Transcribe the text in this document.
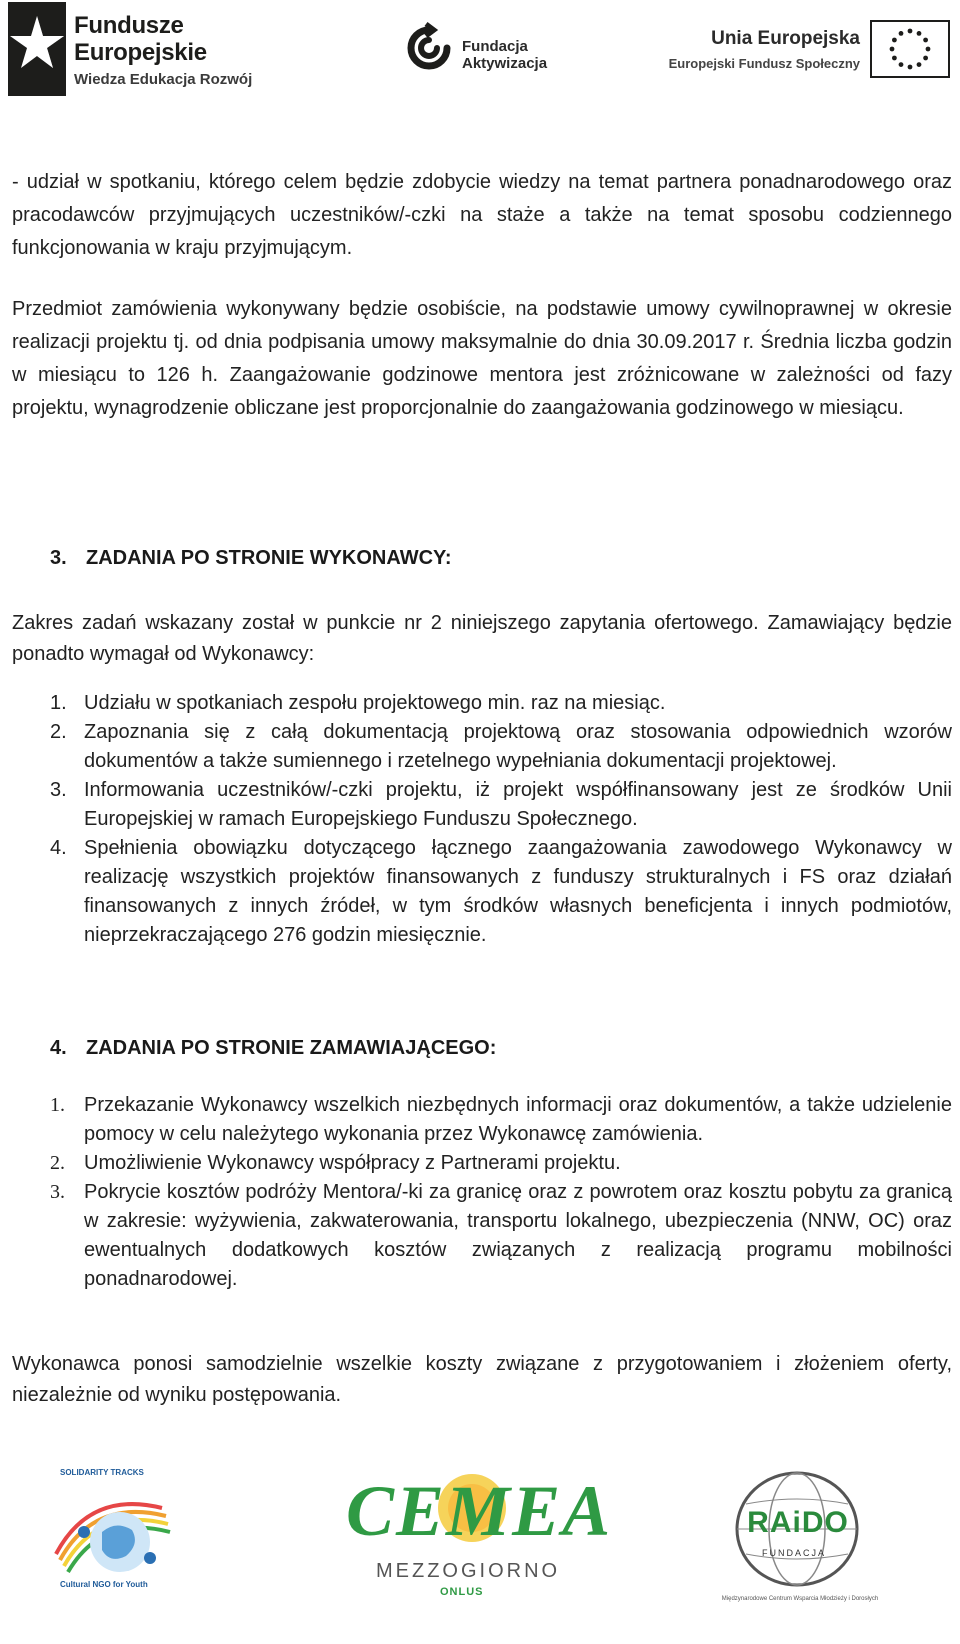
Fundusze
Europejskie
Wiedza Edukacja Rozwój
Fundacja
Aktywizacja
Unia Europejska
Europejski Fundusz Społeczny

- udział w spotkaniu, którego celem będzie zdobycie wiedzy na temat partnera ponadnarodowego oraz pracodawców przyjmujących uczestników/-czki na staże a także na temat sposobu codziennego funkcjonowania w kraju przyjmującym.

Przedmiot zamówienia wykonywany będzie osobiście, na podstawie umowy cywilnoprawnej w okresie realizacji projektu tj. od dnia podpisania umowy maksymalnie do dnia 30.09.2017 r. Średnia liczba godzin w miesiącu to 126 h. Zaangażowanie godzinowe mentora jest zróżnicowane w zależności od fazy projektu, wynagrodzenie obliczane jest proporcjonalnie do zaangażowania godzinowego w miesiącu.

3. ZADANIA PO STRONIE WYKONAWCY:

Zakres zadań wskazany został w punkcie nr 2 niniejszego zapytania ofertowego. Zamawiający będzie ponadto wymagał od Wykonawcy:

1. Udziału w spotkaniach zespołu projektowego min. raz na miesiąc.
2. Zapoznania się z całą dokumentacją projektową oraz stosowania odpowiednich wzorów dokumentów a także sumiennego i rzetelnego wypełniania dokumentacji projektowej.
3. Informowania uczestników/-czki projektu, iż projekt współfinansowany jest ze środków Unii Europejskiej w ramach Europejskiego Funduszu Społecznego.
4. Spełnienia obowiązku dotyczącego łącznego zaangażowania zawodowego Wykonawcy w realizację wszystkich projektów finansowanych z funduszy strukturalnych i FS oraz działań finansowanych z innych źródeł, w tym środków własnych beneficjenta i innych podmiotów, nieprzekraczającego 276 godzin miesięcznie.
4. ZADANIA PO STRONIE ZAMAWIAJĄCEGO:
1. Przekazanie Wykonawcy wszelkich niezbędnych informacji oraz dokumentów, a także udzielenie pomocy w celu należytego wykonania przez Wykonawcę zamówienia.
2. Umożliwienie Wykonawcy współpracy z Partnerami projektu.
3. Pokrycie kosztów podróży Mentora/-ki za granicę oraz z powrotem oraz kosztu pobytu za granicą w zakresie: wyżywienia, zakwaterowania, transportu lokalnego, ubezpieczenia (NNW, OC) oraz ewentualnych dodatkowych kosztów związanych z realizacją programu mobilności ponadnarodowej.

Wykonawca ponosi samodzielnie wszelkie koszty związane z przygotowaniem i złożeniem oferty, niezależnie od wyniku postępowania.

SOLIDARITY TRACKS
Cultural NGO for Youth
CEMEA
MEZZOGIORNO
ONLUS
RAiDO
FUNDACJA
Międzynarodowe Centrum Wsparcia Młodzieży i Dorosłych
